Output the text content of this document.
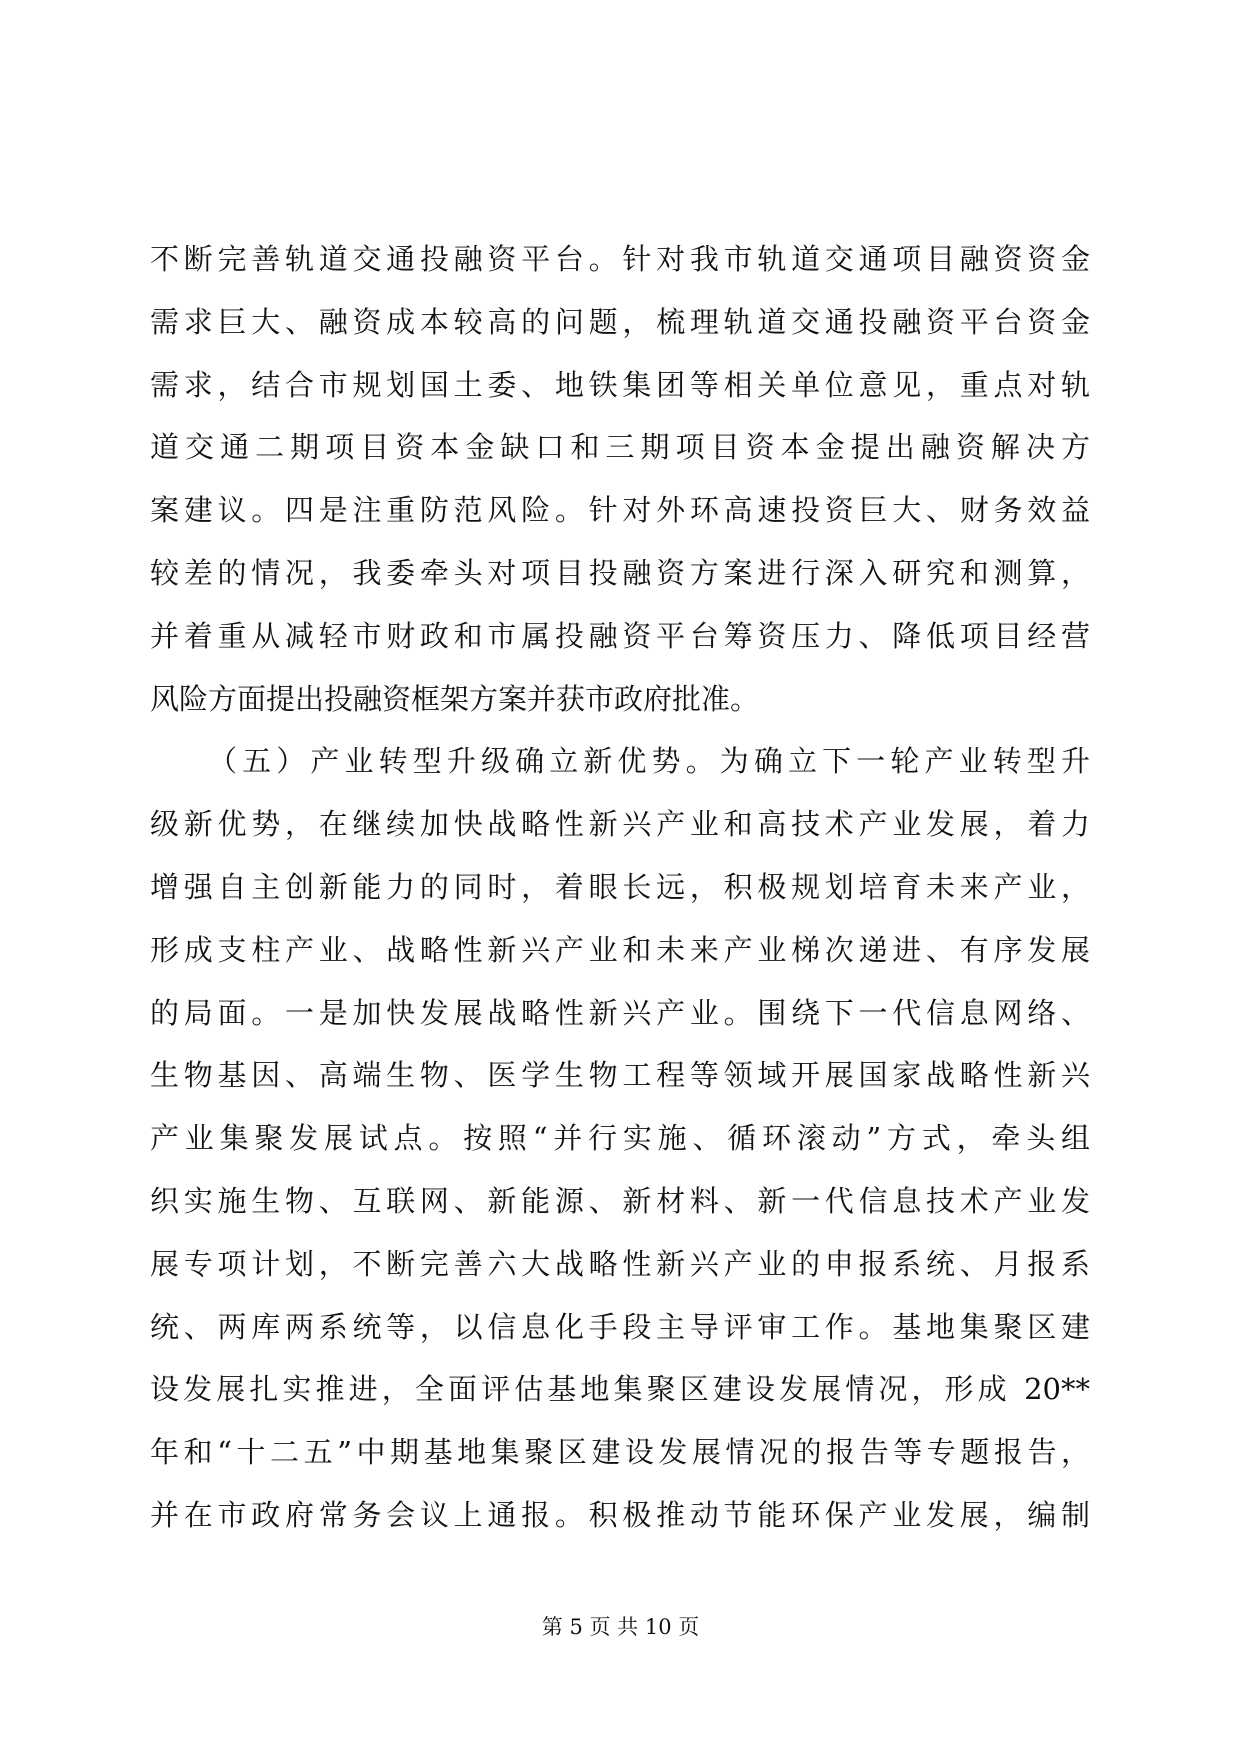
不断完善轨道交通投融资平台。针对我市轨道交通项目融资资金
需求巨大、融资成本较高的问题，梳理轨道交通投融资平台资金
需求，结合市规划国土委、地铁集团等相关单位意见，重点对轨
道交通二期项目资本金缺口和三期项目资本金提出融资解决方
案建议。四是注重防范风险。针对外环高速投资巨大、财务效益
较差的情况，我委牵头对项目投融资方案进行深入研究和测算，
并着重从减轻市财政和市属投融资平台筹资压力、降低项目经营
风险方面提出投融资框架方案并获市政府批准。
（五）产业转型升级确立新优势。为确立下一轮产业转型升
级新优势，在继续加快战略性新兴产业和高技术产业发展，着力
增强自主创新能力的同时，着眼长远，积极规划培育未来产业，
形成支柱产业、战略性新兴产业和未来产业梯次递进、有序发展
的局面。一是加快发展战略性新兴产业。围绕下一代信息网络、
生物基因、高端生物、医学生物工程等领域开展国家战略性新兴
产业集聚发展试点。按照“并行实施、循环滚动”方式，牵头组
织实施生物、互联网、新能源、新材料、新一代信息技术产业发
展专项计划，不断完善六大战略性新兴产业的申报系统、月报系
统、两库两系统等，以信息化手段主导评审工作。基地集聚区建
设发展扎实推进，全面评估基地集聚区建设发展情况，形成 20**
年和“十二五”中期基地集聚区建设发展情况的报告等专题报告，
并在市政府常务会议上通报。积极推动节能环保产业发展，编制
第 5 页 共 10 页
